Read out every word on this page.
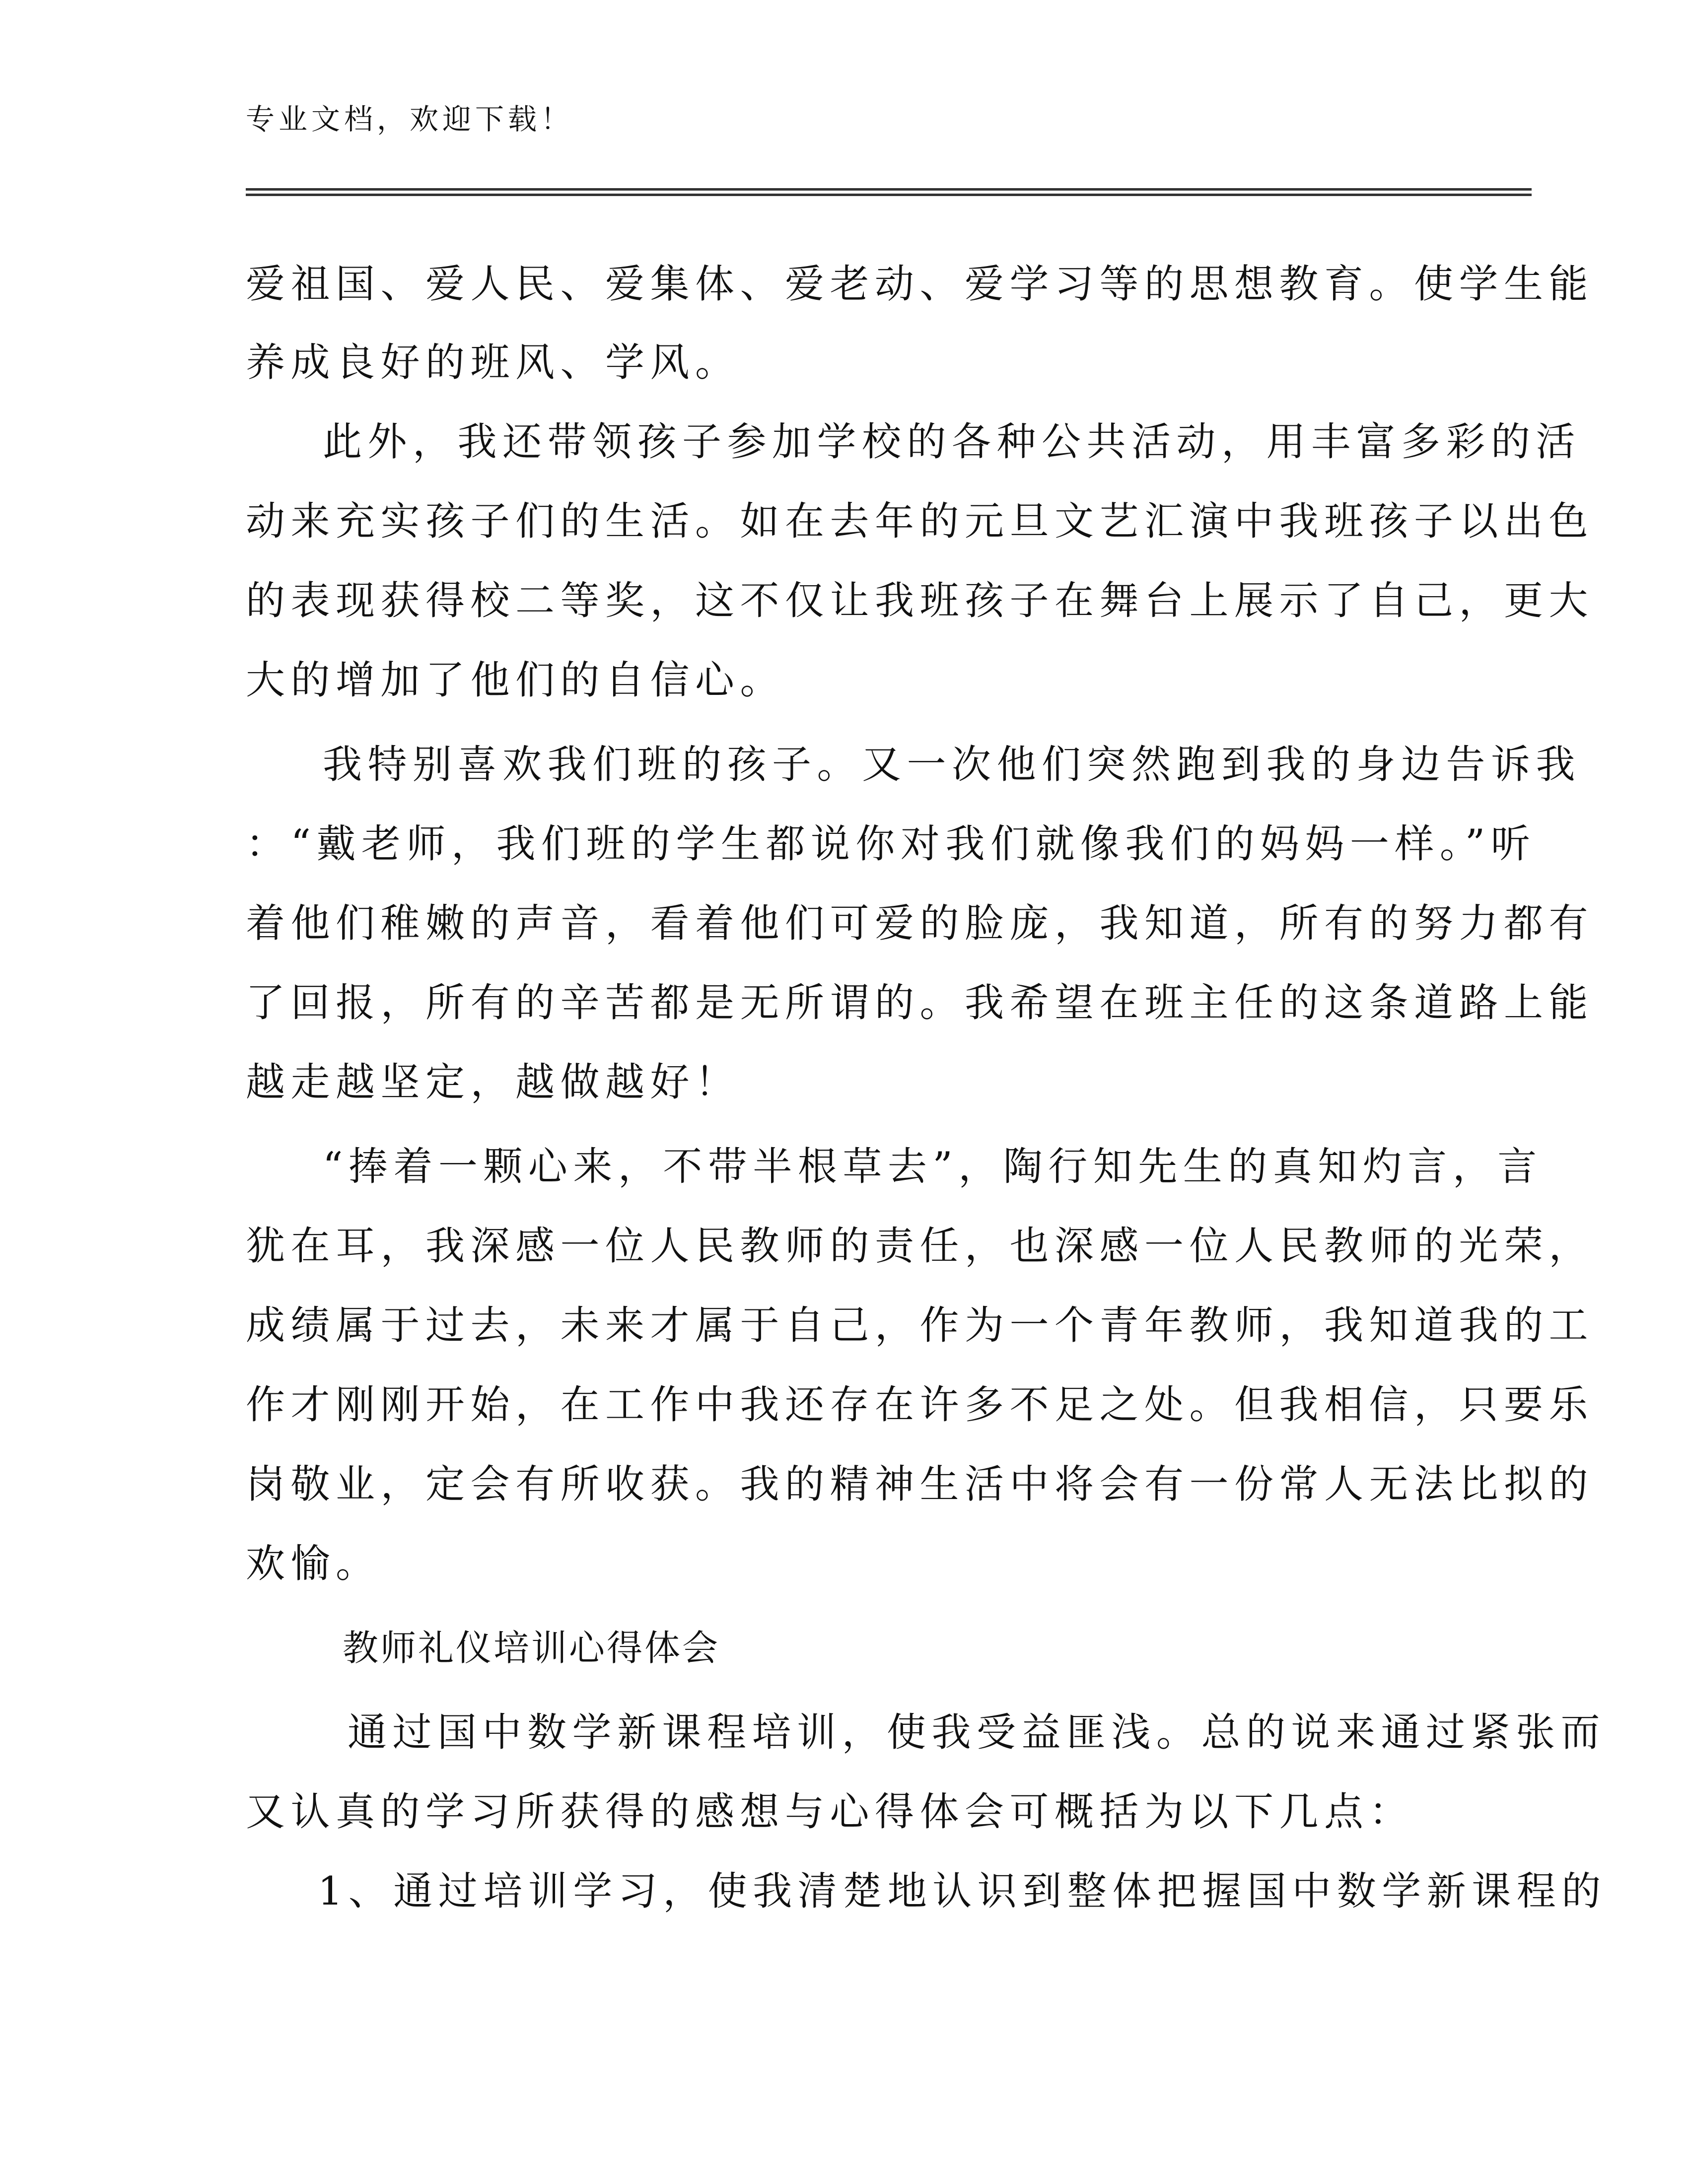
专业文档，欢迎下载！
爱祖国、爱人民、爱集体、爱老动、爱学习等的思想教育。使学生能
养成良好的班风、学风。
此外，我还带领孩子参加学校的各种公共活动，用丰富多彩的活
动来充实孩子们的生活。如在去年的元旦文艺汇演中我班孩子以出色
的表现获得校二等奖，这不仅让我班孩子在舞台上展示了自己，更大
大的增加了他们的自信心。
我特别喜欢我们班的孩子。又一次他们突然跑到我的身边告诉我
：“戴老师，我们班的学生都说你对我们就像我们的妈妈一样。”听
着他们稚嫩的声音，看着他们可爱的脸庞，我知道，所有的努力都有
了回报，所有的辛苦都是无所谓的。我希望在班主任的这条道路上能
越走越坚定，越做越好！
“捧着一颗心来，不带半根草去”，陶行知先生的真知灼言，言
犹在耳，我深感一位人民教师的责任，也深感一位人民教师的光荣，
成绩属于过去，未来才属于自己，作为一个青年教师，我知道我的工
作才刚刚开始，在工作中我还存在许多不足之处。但我相信，只要乐
岗敬业，定会有所收获。我的精神生活中将会有一份常人无法比拟的
欢愉。
教师礼仪培训心得体会
通过国中数学新课程培训，使我受益匪浅。总的说来通过紧张而
又认真的学习所获得的感想与心得体会可概括为以下几点：
1、通过培训学习，使我清楚地认识到整体把握国中数学新课程的
